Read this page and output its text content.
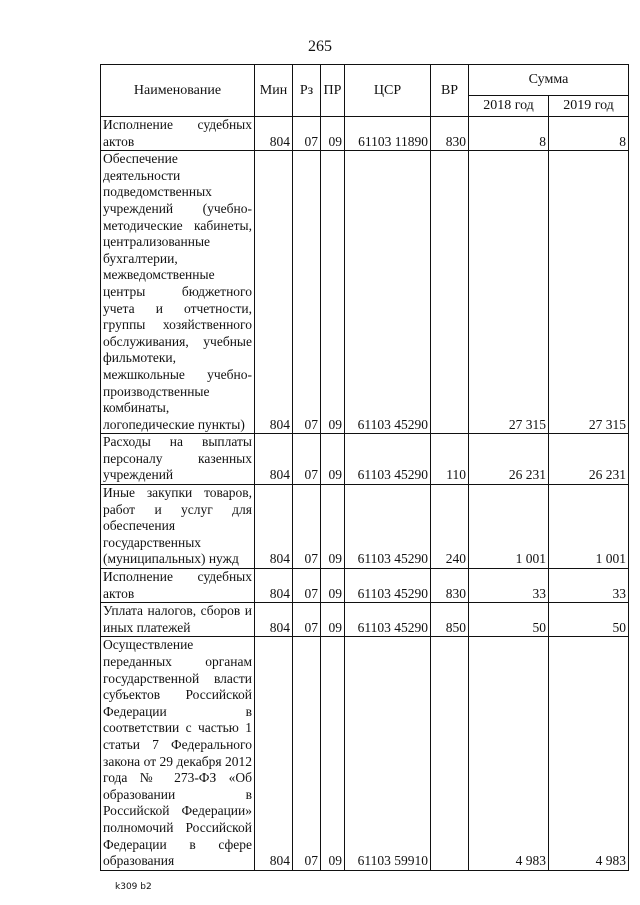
265
Наименование	Мин	Рз	ПР	ЦСР	ВР	Сумма	
						2018 год	2019 год
Исполнение судебных актов	804	07	09	61103 11890	830	8	8
Обеспечение деятельности подведомственных учреждений (учебно-методические кабинеты, централизованные бухгалтерии, межведомственные центры бюджетного учета и отчетности, группы хозяйственного обслуживания, учебные фильмотеки, межшкольные учебно-производственные комбинаты, логопедические пункты)	804	07	09	61103 45290		27 315	27 315
Расходы на выплаты персоналу казенных учреждений	804	07	09	61103 45290	110	26 231	26 231
Иные закупки товаров, работ и услуг для обеспечения государственных (муниципальных) нужд	804	07	09	61103 45290	240	1 001	1 001
Исполнение судебных актов	804	07	09	61103 45290	830	33	33
Уплата налогов, сборов и иных платежей	804	07	09	61103 45290	850	50	50
Осуществление переданных органам государственной власти субъектов Российской Федерации в соответствии с частью 1 статьи 7 Федерального закона от 29 декабря 2012 года № 273-ФЗ «Об образовании в Российской Федерации» полномочий Российской Федерации в сфере образования	804	07	09	61103 59910		4 983	4 983
k309 b2
